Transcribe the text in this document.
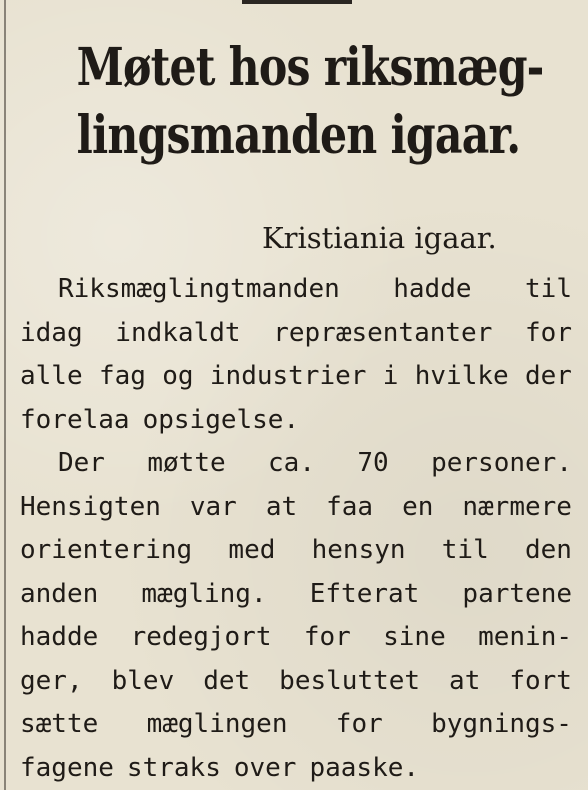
Møtet hos riksmæg-
lingsmanden igaar.
Kristiania igaar.
Riksmæglingtmanden hadde til
idag indkaldt repræsentanter for
alle fag og industrier i hvilke der
forelaa opsigelse.
Der møtte ca. 70 personer.
Hensigten var at faa en nærmere
orientering med hensyn til den
anden mægling. Efterat partene
hadde redegjort for sine menin-
ger, blev det besluttet at fort
sætte mæglingen for bygnings-
fagene straks over paaske.
